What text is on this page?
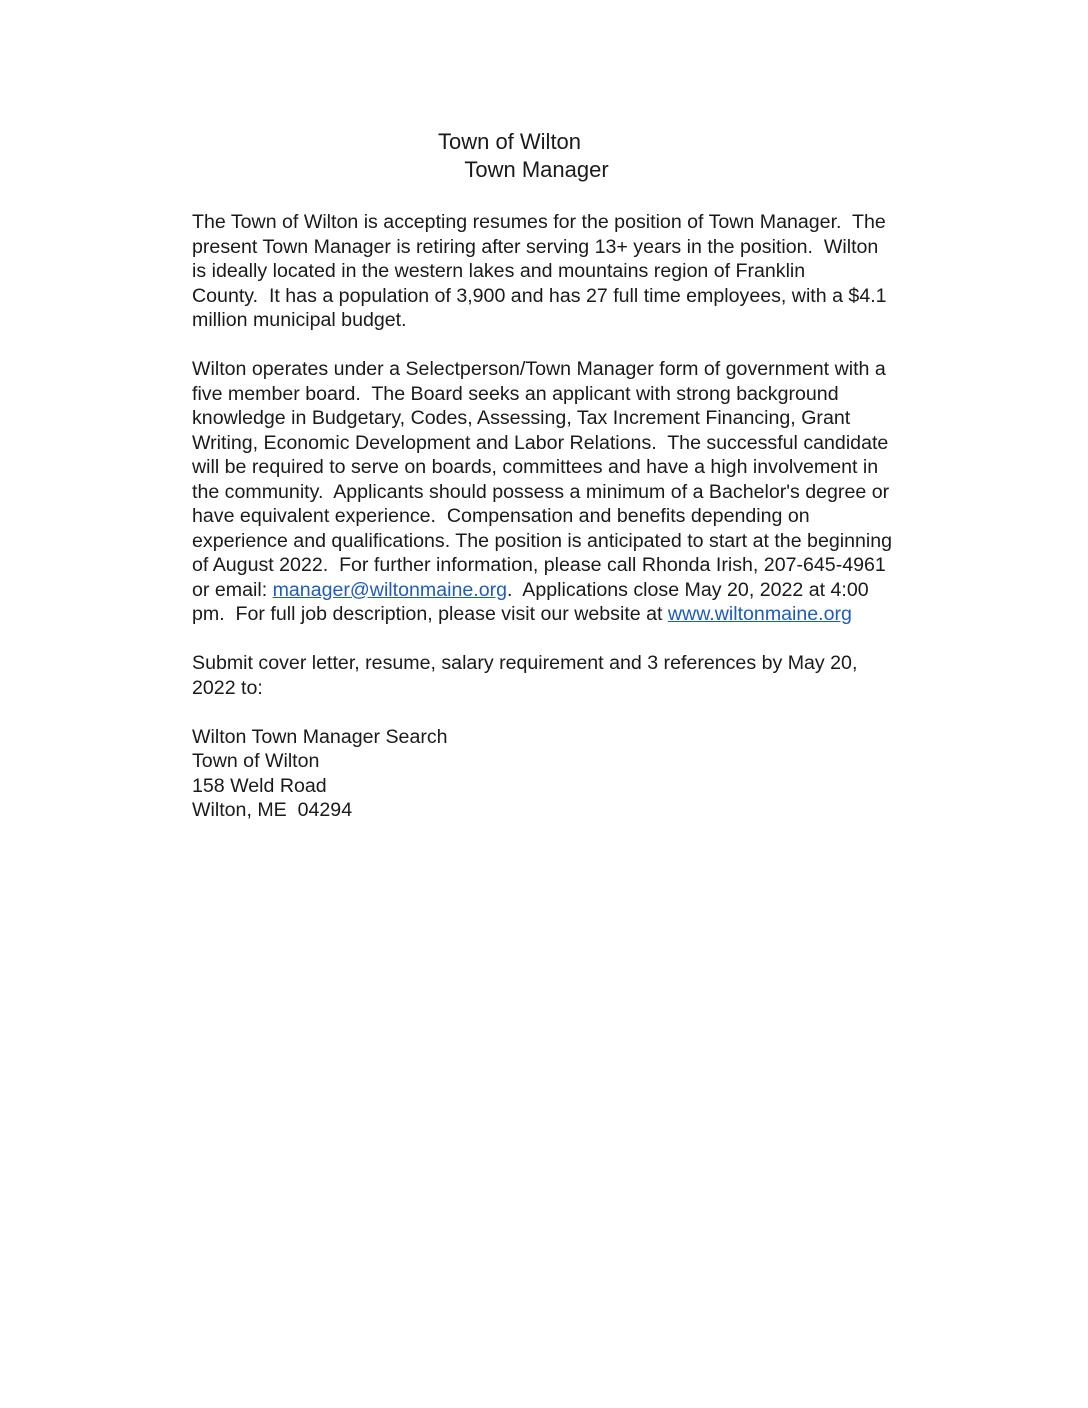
Town of Wilton
Town Manager
The Town of Wilton is accepting resumes for the position of Town Manager.  The
present Town Manager is retiring after serving 13+ years in the position.  Wilton
is ideally located in the western lakes and mountains region of Franklin
County.  It has a population of 3,900 and has 27 full time employees, with a $4.1
million municipal budget.
Wilton operates under a Selectperson/Town Manager form of government with a
five member board.  The Board seeks an applicant with strong background
knowledge in Budgetary, Codes, Assessing, Tax Increment Financing, Grant
Writing, Economic Development and Labor Relations.  The successful candidate
will be required to serve on boards, committees and have a high involvement in
the community.  Applicants should possess a minimum of a Bachelor's degree or
have equivalent experience.  Compensation and benefits depending on
experience and qualifications. The position is anticipated to start at the beginning
of August 2022.  For further information, please call Rhonda Irish, 207-645-4961
or email: manager@wiltonmaine.org.  Applications close May 20, 2022 at 4:00
pm.  For full job description, please visit our website at www.wiltonmaine.org
Submit cover letter, resume, salary requirement and 3 references by May 20,
2022 to:
Wilton Town Manager Search
Town of Wilton
158 Weld Road
Wilton, ME  04294
